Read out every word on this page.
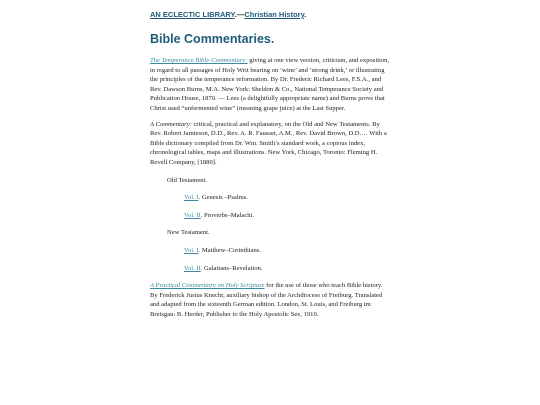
AN ECLECTIC LIBRARY.—Christian History.
Bible Commentaries.

The Temperance Bible-Commentary: giving at one view version, criticism, and exposition, in regard to all passages of Holy Writ bearing on ‘wine’ and ‘strong drink,’ or illustrating the principles of the temperance reformation. By Dr. Frederic Richard Lees, F.S.A., and Rev. Dawson Burns, M.A. New York: Sheldon & Co., National Temperance Society and Publication House, 1870. — Lees (a delightfully appropriate name) and Burns prove that Christ used “unfermented wine” (meaning grape juice) at the Last Supper.

A Commentary: critical, practical and explanatory, on the Old and New Testaments. By Rev. Robert Jamieson, D.D., Rev. A. R. Fausset, A.M., Rev. David Brown, D.D.… With a Bible dictionary compiled from Dr. Wm. Smith’s standard work, a copious index, chronological tables, maps and illustrations. New York, Chicago, Toronto: Fleming H. Revell Company, [1880].

Old Testament.
Vol. I. Genesis –Psalms.
Vol. II. Proverbs–Malachi.
New Testament.
Vol. I. Matthew–Corinthians.
Vol. II. Galatians–Revelation.

A Practical Commentary on Holy Scripture for the use of those who teach Bible history. By Frederick Justus Knecht, auxiliary bishop of the Archdiocese of Freiburg. Translated and adapted from the sixteenth German edition. London, St. Louis, and Freiburg im Breisgau: B. Herder, Publisher to the Holy Apostolic See, 1910.
